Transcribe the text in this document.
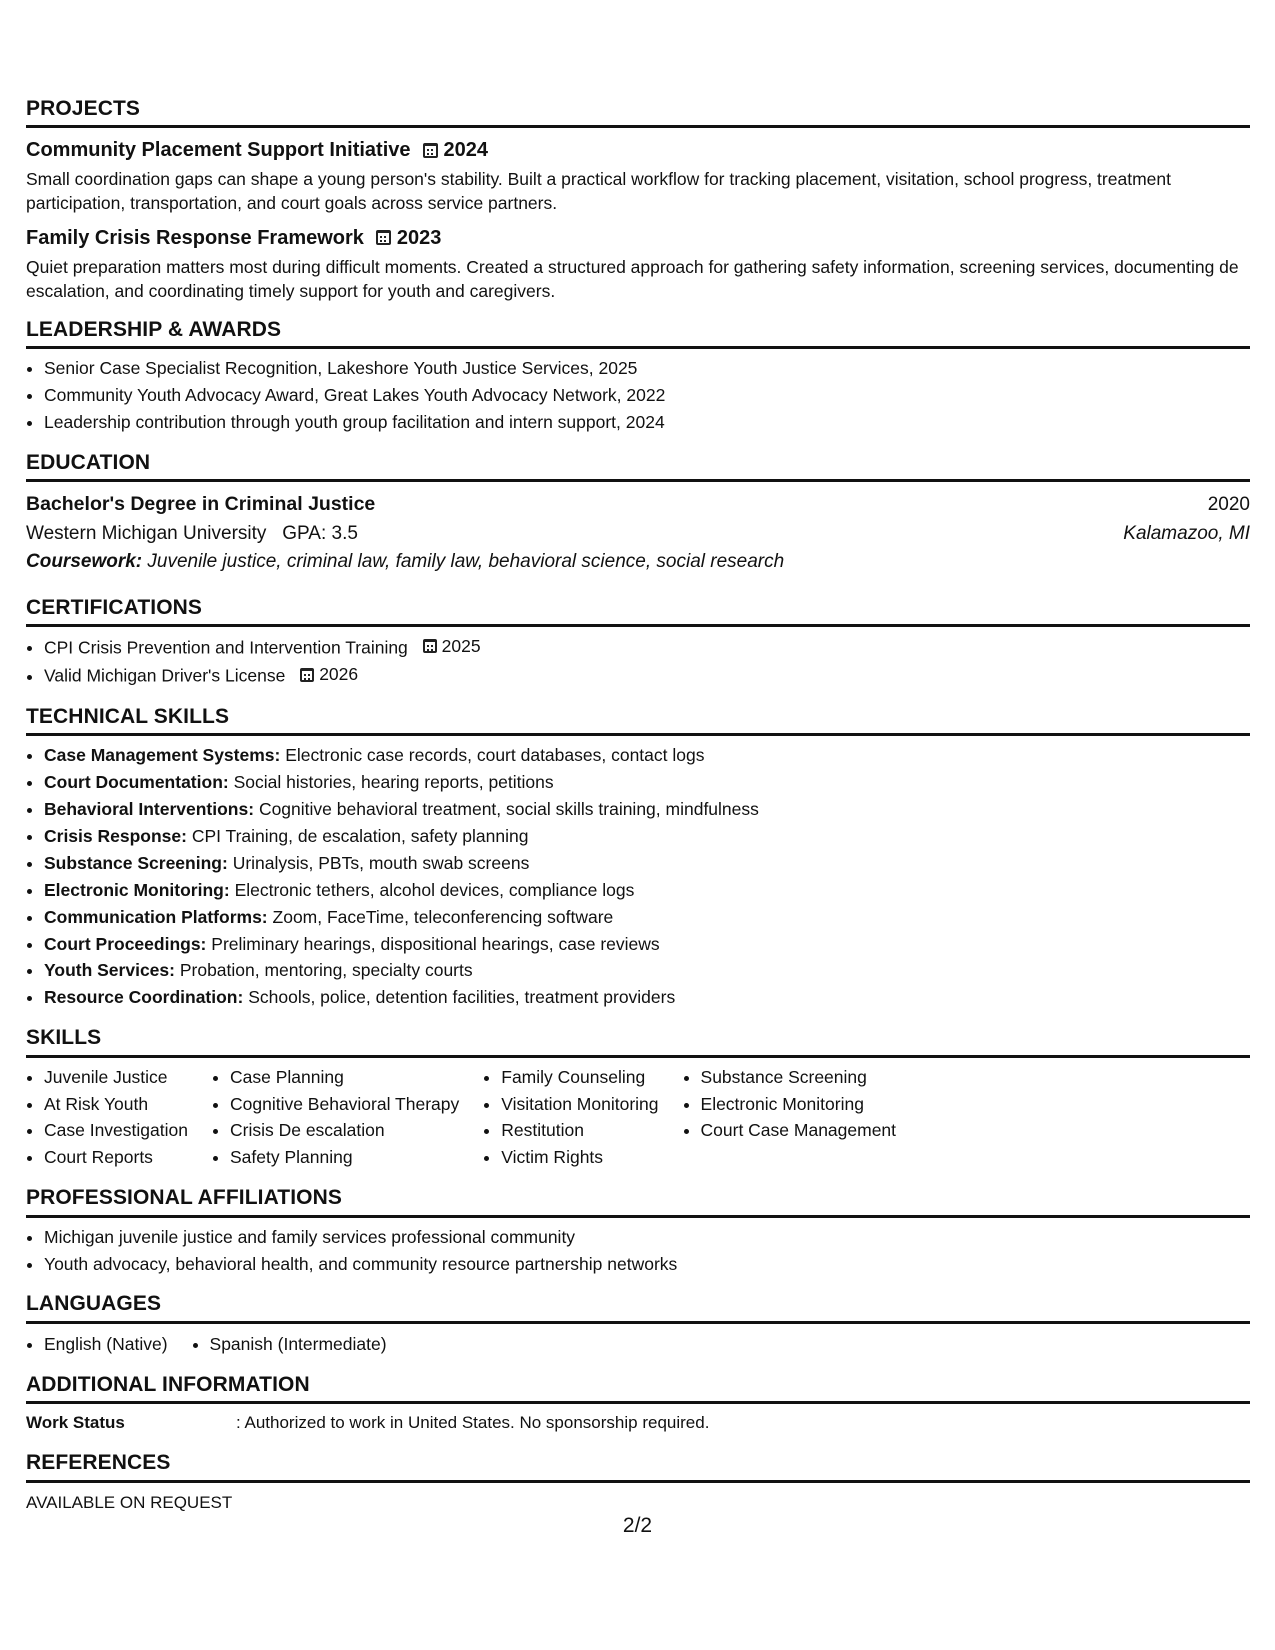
PROJECTS
Community Placement Support Initiative 2024
Small coordination gaps can shape a young person's stability. Built a practical workflow for tracking placement, visitation, school progress, treatment participation, transportation, and court goals across service partners.
Family Crisis Response Framework 2023
Quiet preparation matters most during difficult moments. Created a structured approach for gathering safety information, screening services, documenting de escalation, and coordinating timely support for youth and caregivers.
LEADERSHIP & AWARDS
• Senior Case Specialist Recognition, Lakeshore Youth Justice Services, 2025
• Community Youth Advocacy Award, Great Lakes Youth Advocacy Network, 2022
• Leadership contribution through youth group facilitation and intern support, 2024
EDUCATION
Bachelor's Degree in Criminal Justice	2020
Western Michigan University GPA: 3.5	Kalamazoo, MI
Coursework: Juvenile justice, criminal law, family law, behavioral science, social research
CERTIFICATIONS
• CPI Crisis Prevention and Intervention Training 2025
• Valid Michigan Driver's License 2026
TECHNICAL SKILLS
• Case Management Systems: Electronic case records, court databases, contact logs
• Court Documentation: Social histories, hearing reports, petitions
• Behavioral Interventions: Cognitive behavioral treatment, social skills training, mindfulness
• Crisis Response: CPI Training, de escalation, safety planning
• Substance Screening: Urinalysis, PBTs, mouth swab screens
• Electronic Monitoring: Electronic tethers, alcohol devices, compliance logs
• Communication Platforms: Zoom, FaceTime, teleconferencing software
• Court Proceedings: Preliminary hearings, dispositional hearings, case reviews
• Youth Services: Probation, mentoring, specialty courts
• Resource Coordination: Schools, police, detention facilities, treatment providers
SKILLS
• Juvenile Justice
• At Risk Youth
• Case Investigation
• Court Reports
• Case Planning
• Cognitive Behavioral Therapy
• Crisis De escalation
• Safety Planning
• Family Counseling
• Visitation Monitoring
• Restitution
• Victim Rights
• Substance Screening
• Electronic Monitoring
• Court Case Management
PROFESSIONAL AFFILIATIONS
• Michigan juvenile justice and family services professional community
• Youth advocacy, behavioral health, and community resource partnership networks
LANGUAGES
• English (Native)
• Spanish (Intermediate)
ADDITIONAL INFORMATION
Work Status	: Authorized to work in United States. No sponsorship required.
REFERENCES
AVAILABLE ON REQUEST
2/2
